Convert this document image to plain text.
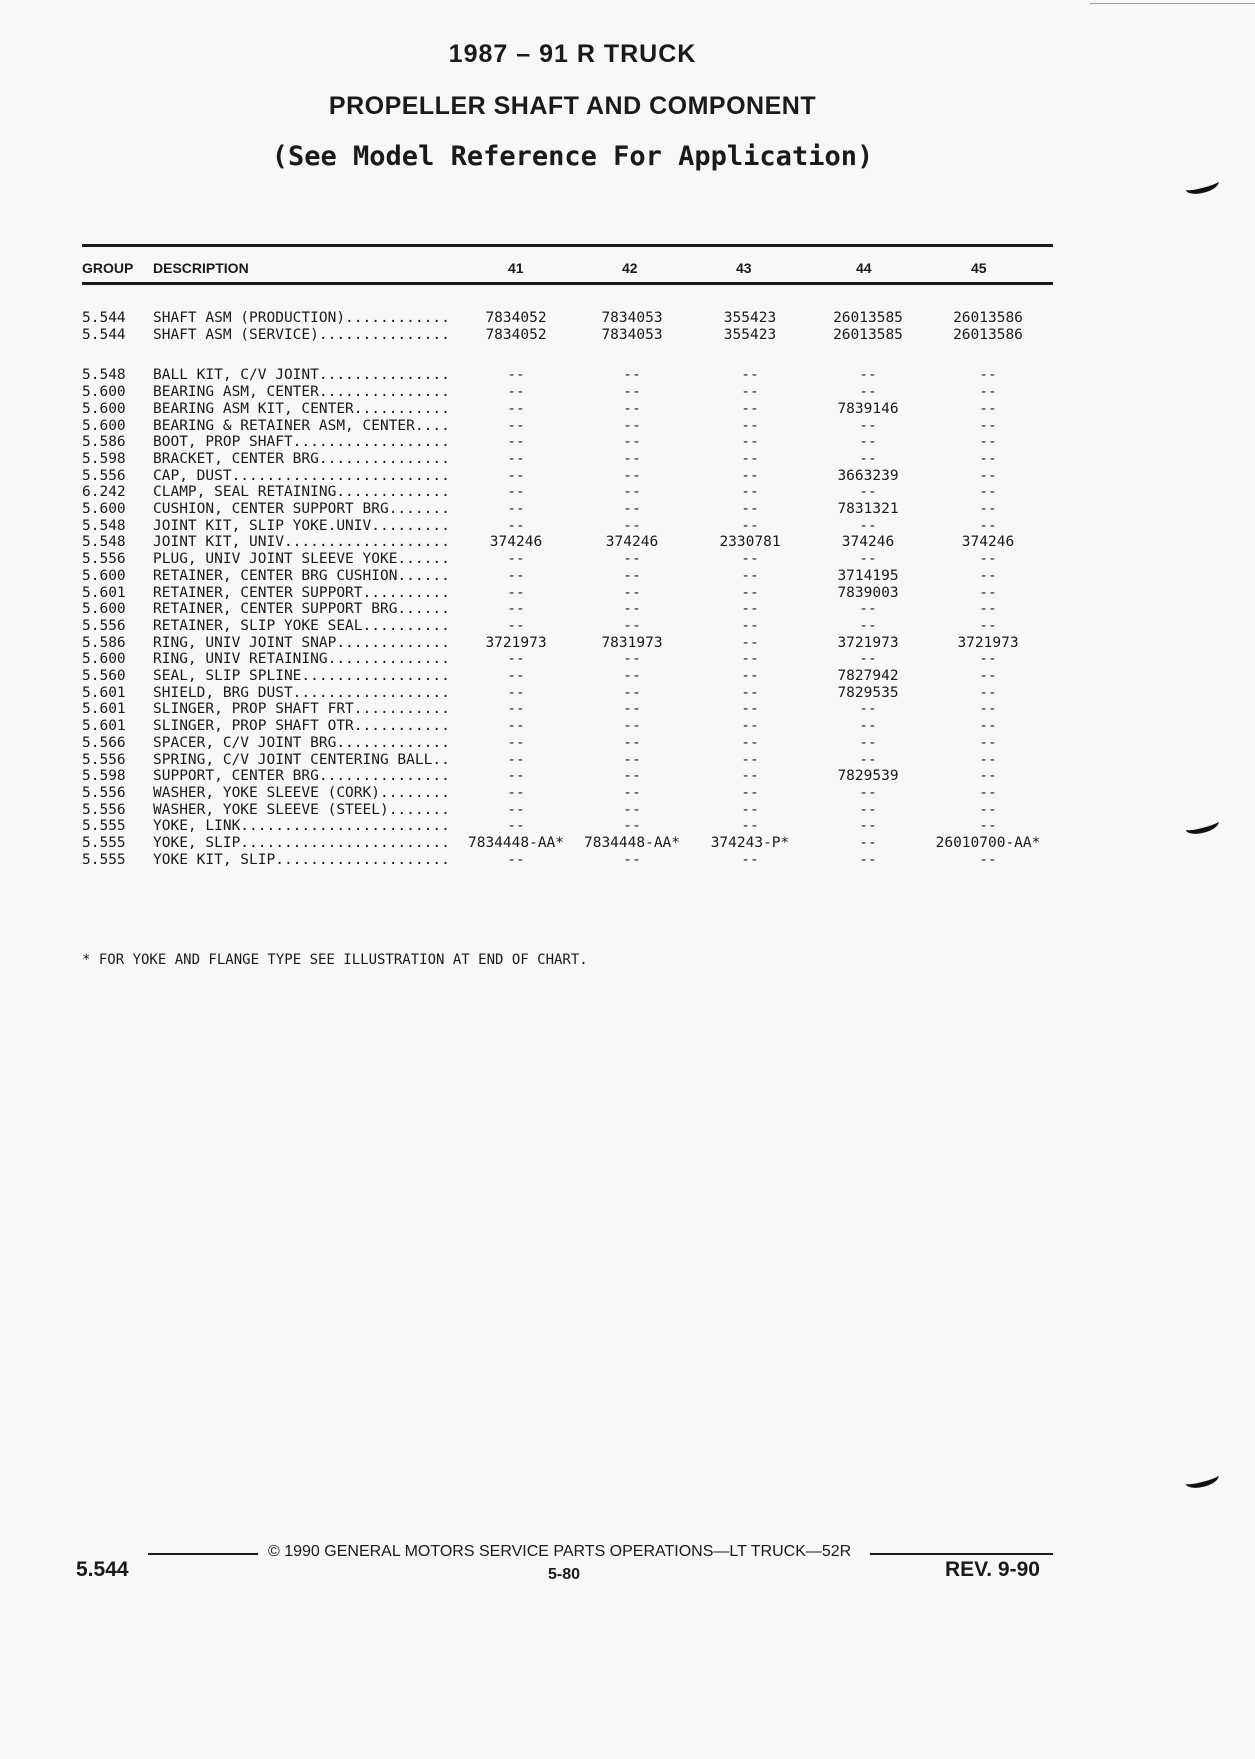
1987 – 91 R TRUCK
PROPELLER SHAFT AND COMPONENT
(See Model Reference For Application)
GROUP DESCRIPTION	41	42	43	44	45
5.544 SHAFT ASM (PRODUCTION)............	7834052	7834053	355423	26013585	26013586
5.544 SHAFT ASM (SERVICE)...............	7834052	7834053	355423	26013585	26013586
5.548 BALL KIT, C/V JOINT...............	--	--	--	--	--
5.600 BEARING ASM, CENTER...............	--	--	--	--	--
5.600 BEARING ASM KIT, CENTER...........	--	--	--	7839146	--
5.600 BEARING & RETAINER ASM, CENTER....	--	--	--	--	--
5.586 BOOT, PROP SHAFT..................	--	--	--	--	--
5.598 BRACKET, CENTER BRG...............	--	--	--	--	--
5.556 CAP, DUST.........................	--	--	--	3663239	--
6.242 CLAMP, SEAL RETAINING.............	--	--	--	--	--
5.600 CUSHION, CENTER SUPPORT BRG.......	--	--	--	7831321	--
5.548 JOINT KIT, SLIP YOKE.UNIV.........	--	--	--	--	--
5.548 JOINT KIT, UNIV...................	374246	374246	2330781	374246	374246
5.556 PLUG, UNIV JOINT SLEEVE YOKE......	--	--	--	--	--
5.600 RETAINER, CENTER BRG CUSHION......	--	--	--	3714195	--
5.601 RETAINER, CENTER SUPPORT..........	--	--	--	7839003	--
5.600 RETAINER, CENTER SUPPORT BRG......	--	--	--	--	--
5.556 RETAINER, SLIP YOKE SEAL..........	--	--	--	--	--
5.586 RING, UNIV JOINT SNAP.............	3721973	7831973	--	3721973	3721973
5.600 RING, UNIV RETAINING..............	--	--	--	--	--
5.560 SEAL, SLIP SPLINE.................	--	--	--	7827942	--
5.601 SHIELD, BRG DUST..................	--	--	--	7829535	--
5.601 SLINGER, PROP SHAFT FRT...........	--	--	--	--	--
5.601 SLINGER, PROP SHAFT OTR...........	--	--	--	--	--
5.566 SPACER, C/V JOINT BRG.............	--	--	--	--	--
5.556 SPRING, C/V JOINT CENTERING BALL..	--	--	--	--	--
5.598 SUPPORT, CENTER BRG...............	--	--	--	7829539	--
5.556 WASHER, YOKE SLEEVE (CORK)........	--	--	--	--	--
5.556 WASHER, YOKE SLEEVE (STEEL).......	--	--	--	--	--
5.555 YOKE, LINK........................	--	--	--	--	--
5.555 YOKE, SLIP........................	7834448-AA*	7834448-AA*	374243-P*	--	26010700-AA*
5.555 YOKE KIT, SLIP....................	--	--	--	--	--
* FOR YOKE AND FLANGE TYPE SEE ILLUSTRATION AT END OF CHART.
© 1990 GENERAL MOTORS SERVICE PARTS OPERATIONS—LT TRUCK—52R
5.544	5-80	REV. 9-90
